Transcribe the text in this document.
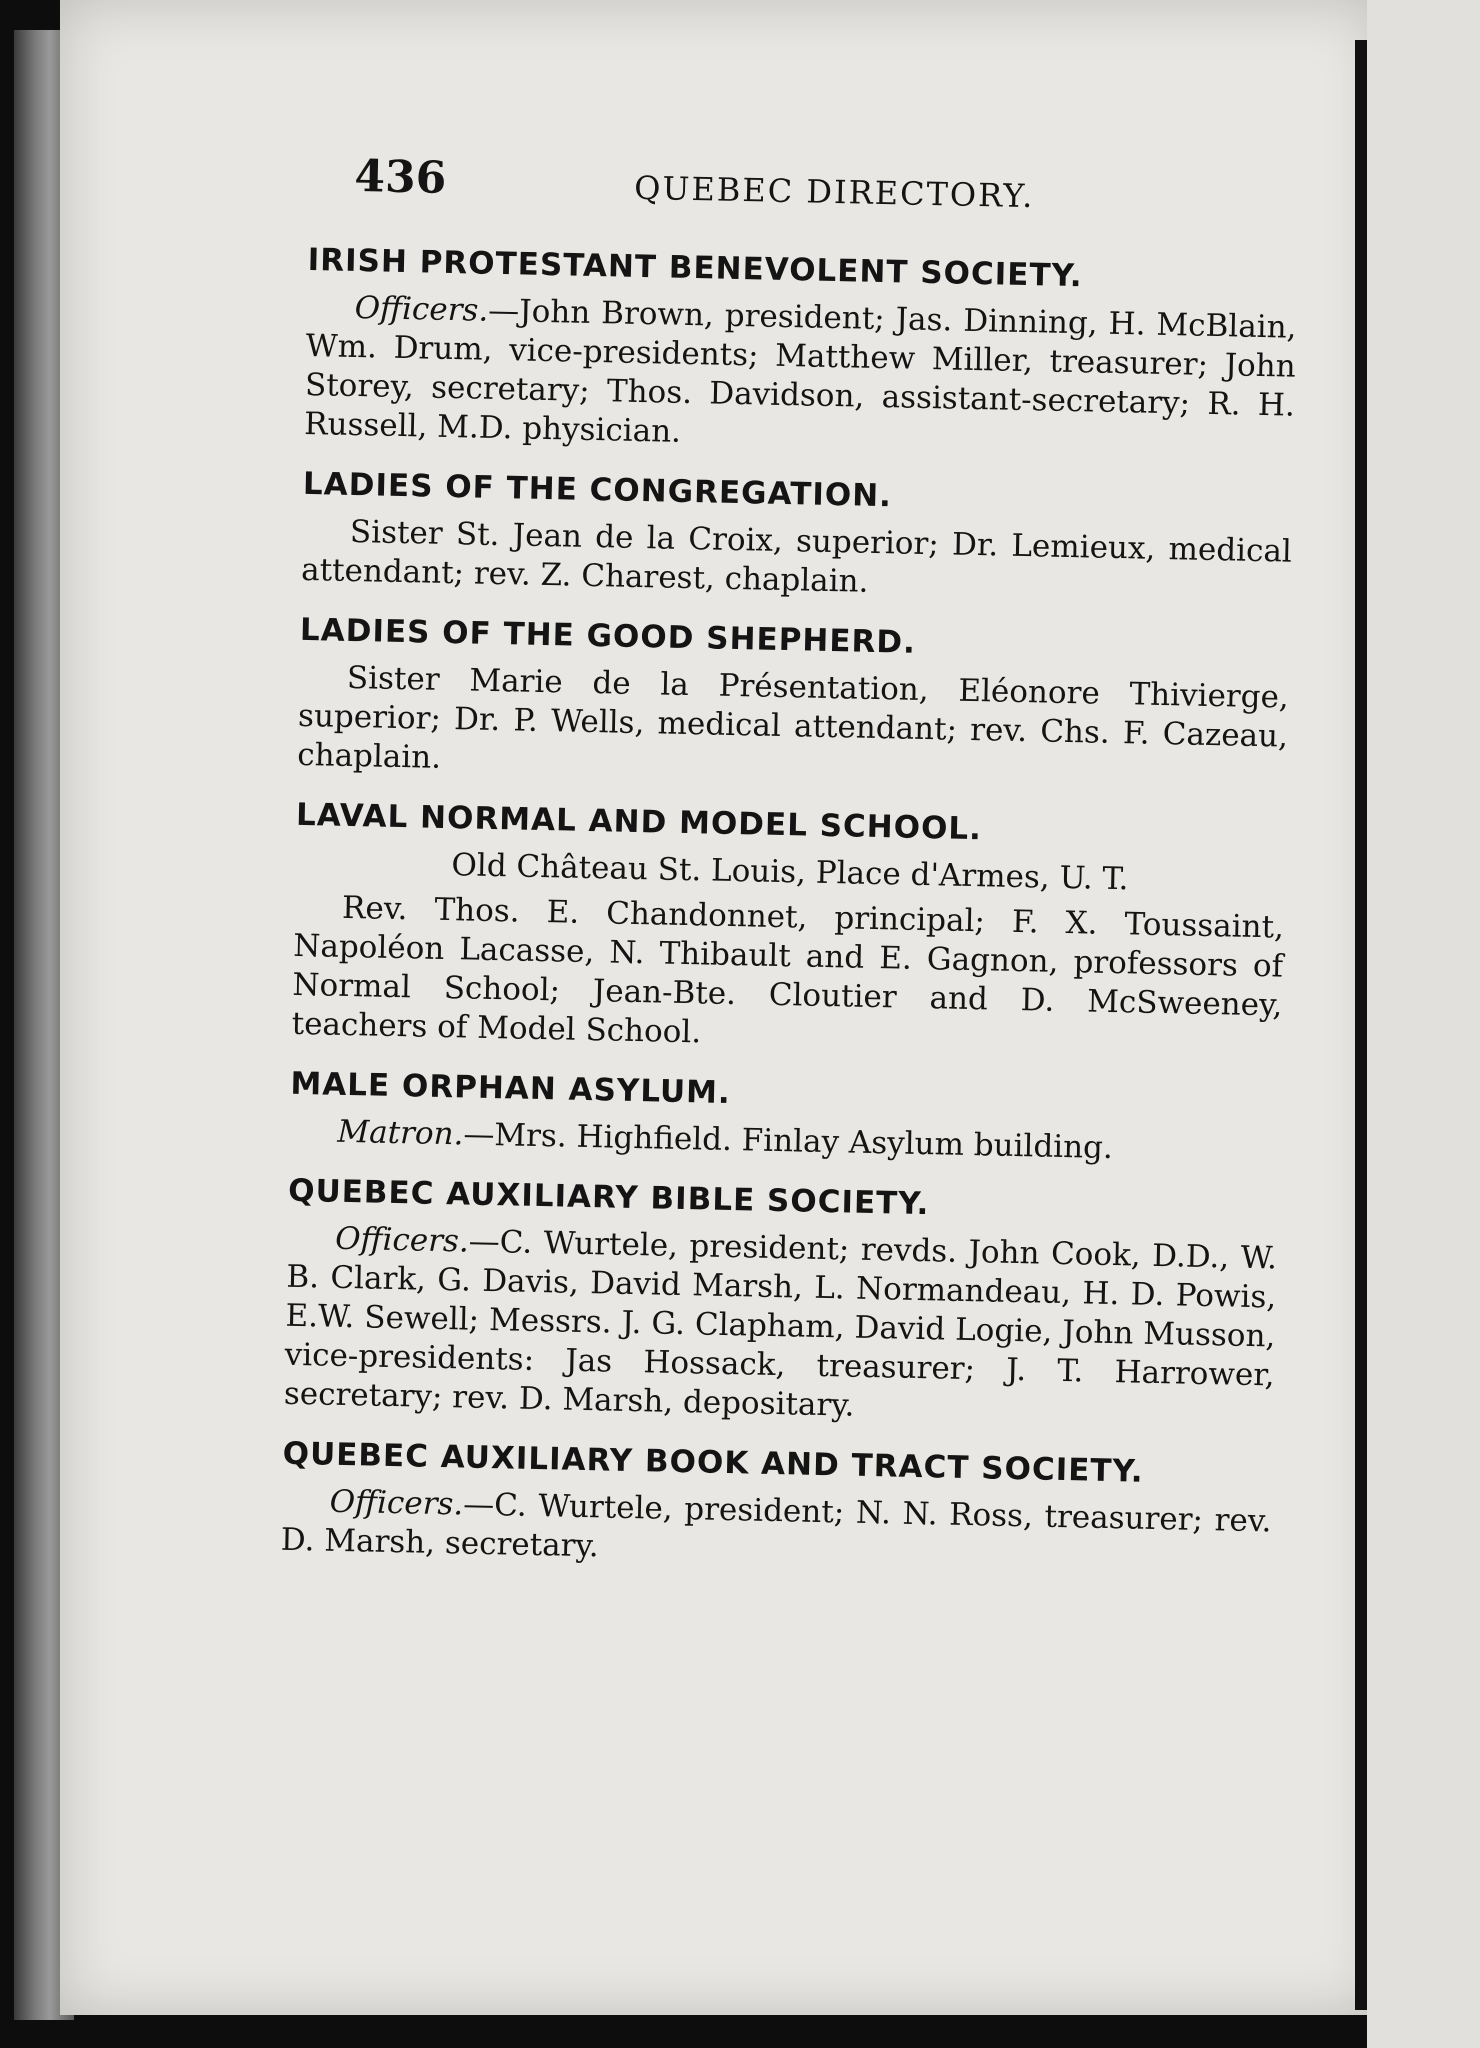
436	QUEBEC DIRECTORY.
IRISH PROTESTANT BENEVOLENT SOCIETY.

Officers.—John Brown, president; Jas. Dinning, H. McBlain, Wm. Drum, vice-presidents; Matthew Miller, treasurer; John Storey, secretary; Thos. Davidson, assistant-secretary; R. H. Russell, M.D. physician.

LADIES OF THE CONGREGATION.

Sister St. Jean de la Croix, superior; Dr. Lemieux, medical attendant; rev. Z. Charest, chaplain.

LADIES OF THE GOOD SHEPHERD.

Sister Marie de la Présentation, Eléonore Thivierge, superior; Dr. P. Wells, medical attendant; rev. Chs. F. Cazeau, chaplain.

LAVAL NORMAL AND MODEL SCHOOL.

Old Château St. Louis, Place d'Armes, U. T.

Rev. Thos. E. Chandonnet, principal; F. X. Toussaint, Napoléon Lacasse, N. Thibault and E. Gagnon, professors of Normal School; Jean-Bte. Cloutier and D. McSweeney, teachers of Model School.

MALE ORPHAN ASYLUM.

Matron.—Mrs. Highfield. Finlay Asylum building.

QUEBEC AUXILIARY BIBLE SOCIETY.

Officers.—C. Wurtele, president; revds. John Cook, D.D., W. B. Clark, G. Davis, David Marsh, L. Normandeau, H. D. Powis, E.W. Sewell; Messrs. J. G. Clapham, David Logie, John Musson, vice-presidents: Jas Hossack, treasurer; J. T. Harrower, secretary; rev. D. Marsh, depositary.

QUEBEC AUXILIARY BOOK AND TRACT SOCIETY.

Officers.—C. Wurtele, president; N. N. Ross, treasurer; rev. D. Marsh, secretary.
